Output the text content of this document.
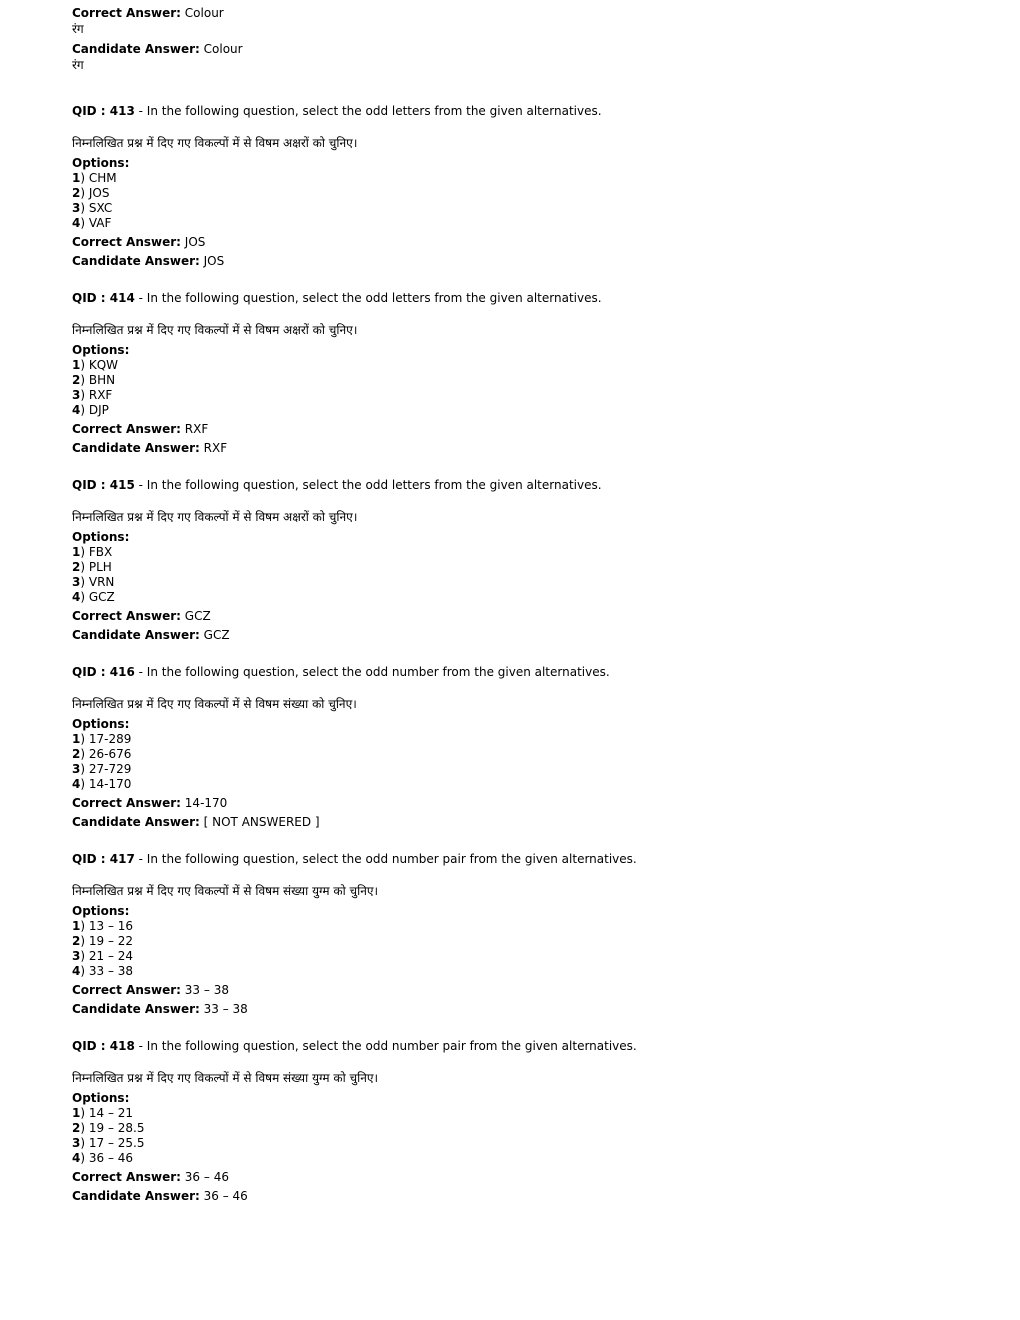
Correct Answer: Colour
रंग
Candidate Answer: Colour
रंग
QID : 413 - In the following question, select the odd letters from the given alternatives.
निम्नलिखित प्रश्न में दिए गए विकल्पों में से विषम अक्षरों को चुनिए।
Options:
1) CHM
2) JOS
3) SXC
4) VAF
Correct Answer: JOS
Candidate Answer: JOS
QID : 414 - In the following question, select the odd letters from the given alternatives.
निम्नलिखित प्रश्न में दिए गए विकल्पों में से विषम अक्षरों को चुनिए।
Options:
1) KQW
2) BHN
3) RXF
4) DJP
Correct Answer: RXF
Candidate Answer: RXF
QID : 415 - In the following question, select the odd letters from the given alternatives.
निम्नलिखित प्रश्न में दिए गए विकल्पों में से विषम अक्षरों को चुनिए।
Options:
1) FBX
2) PLH
3) VRN
4) GCZ
Correct Answer: GCZ
Candidate Answer: GCZ
QID : 416 - In the following question, select the odd number from the given alternatives.
निम्नलिखित प्रश्न में दिए गए विकल्पों में से विषम संख्या को चुनिए।
Options:
1) 17-289
2) 26-676
3) 27-729
4) 14-170
Correct Answer: 14-170
Candidate Answer: [ NOT ANSWERED ]
QID : 417 - In the following question, select the odd number pair from the given alternatives.
निम्नलिखित प्रश्न में दिए गए विकल्पों में से विषम संख्या युग्म को चुनिए।
Options:
1) 13 – 16
2) 19 – 22
3) 21 – 24
4) 33 – 38
Correct Answer: 33 – 38
Candidate Answer: 33 – 38
QID : 418 - In the following question, select the odd number pair from the given alternatives.
निम्नलिखित प्रश्न में दिए गए विकल्पों में से विषम संख्या युग्म को चुनिए।
Options:
1) 14 – 21
2) 19 – 28.5
3) 17 – 25.5
4) 36 – 46
Correct Answer: 36 – 46
Candidate Answer: 36 – 46
